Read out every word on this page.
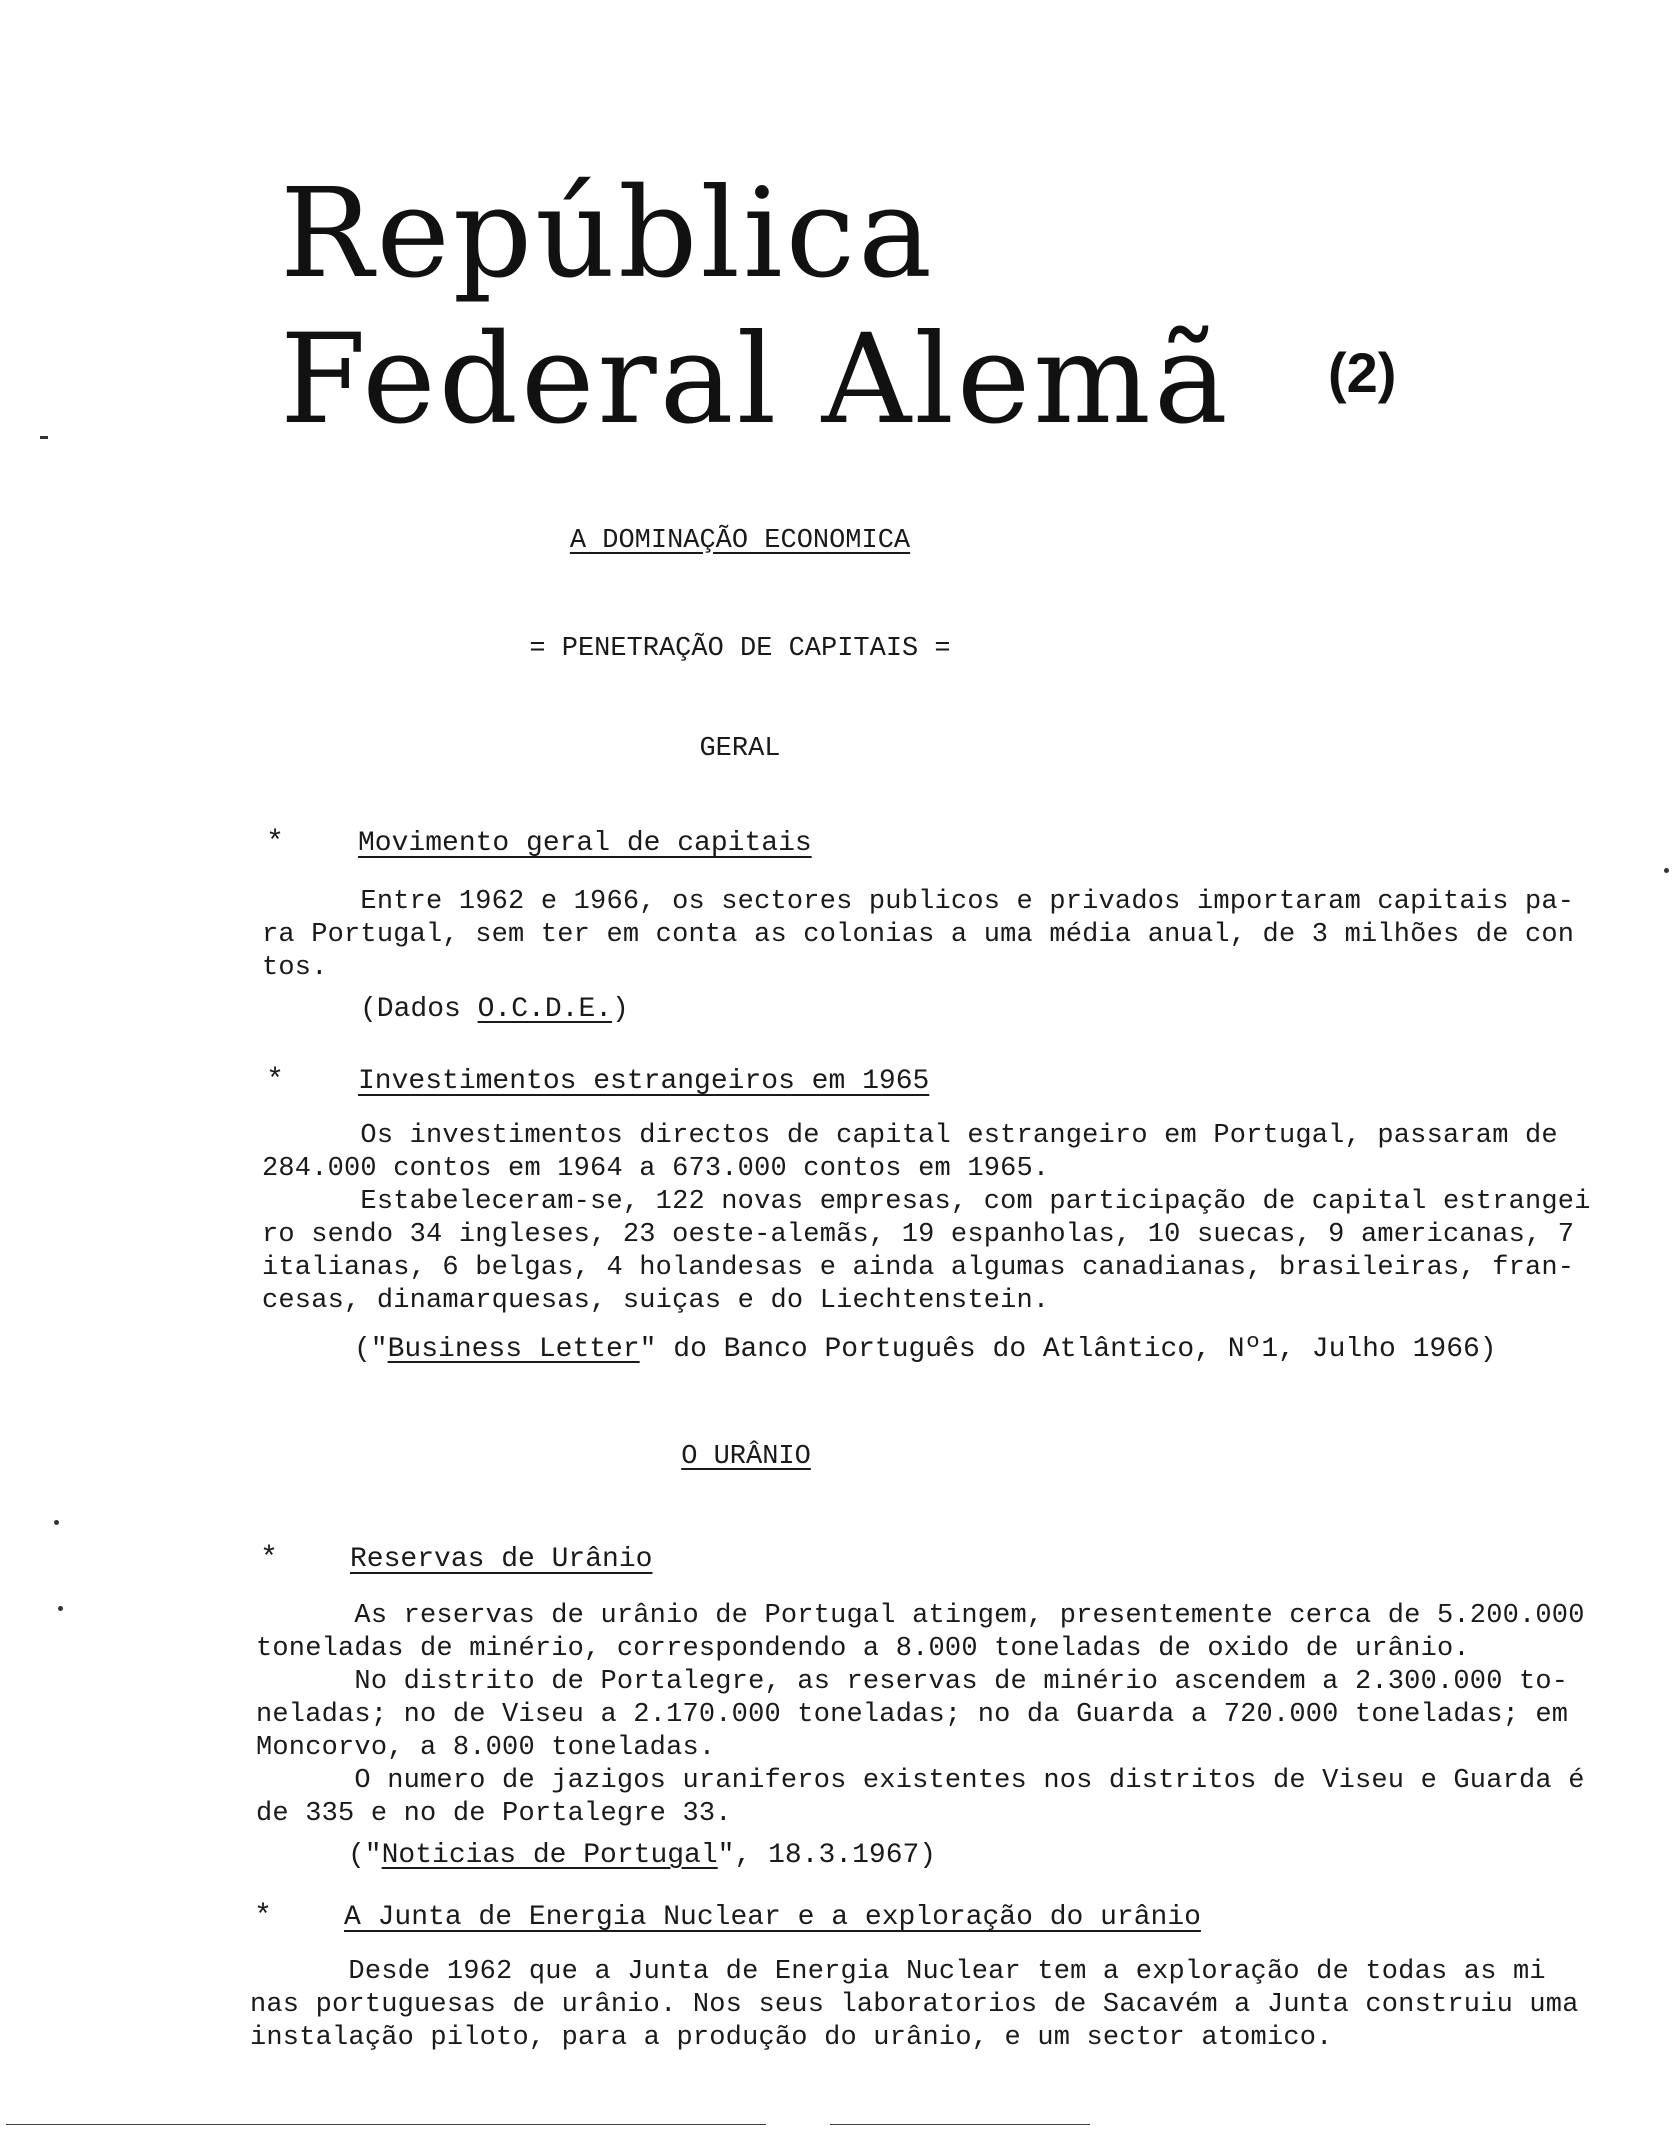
República
Federal Alemã (2)
A DOMINAÇÃO ECONOMICA
= PENETRAÇÃO DE CAPITAIS =
GERAL
*	Movimento geral de capitais
Entre 1962 e 1966, os sectores publicos e privados importaram capitais pa-
ra Portugal, sem ter em conta as colonias a uma média anual, de 3 milhões de con
tos.
(Dados O.C.D.E.)
*	Investimentos estrangeiros em 1965
Os investimentos directos de capital estrangeiro em Portugal, passaram de
284.000 contos em 1964 a 673.000 contos em 1965.
Estabeleceram-se, 122 novas empresas, com participação de capital estrangei
ro sendo 34 ingleses, 23 oeste-alemãs, 19 espanholas, 10 suecas, 9 americanas, 7
italianas, 6 belgas, 4 holandesas e ainda algumas canadianas, brasileiras, fran-
cesas, dinamarquesas, suiças e do Liechtenstein.
("Business Letter" do Banco Português do Atlântico, Nº1, Julho 1966)
O URÂNIO
*	Reservas de Urânio
As reservas de urânio de Portugal atingem, presentemente cerca de 5.200.000
toneladas de minério, correspondendo a 8.000 toneladas de oxido de urânio.
No distrito de Portalegre, as reservas de minério ascendem a 2.300.000 to-
neladas; no de Viseu a 2.170.000 toneladas; no da Guarda a 720.000 toneladas; em
Moncorvo, a 8.000 toneladas.
O numero de jazigos uraniferos existentes nos distritos de Viseu e Guarda é
de 335 e no de Portalegre 33.
("Noticias de Portugal", 18.3.1967)
*	A Junta de Energia Nuclear e a exploração do urânio
Desde 1962 que a Junta de Energia Nuclear tem a exploração de todas as mi
nas portuguesas de urânio. Nos seus laboratorios de Sacavém a Junta construiu uma
instalação piloto, para a produção do urânio, e um sector atomico.
